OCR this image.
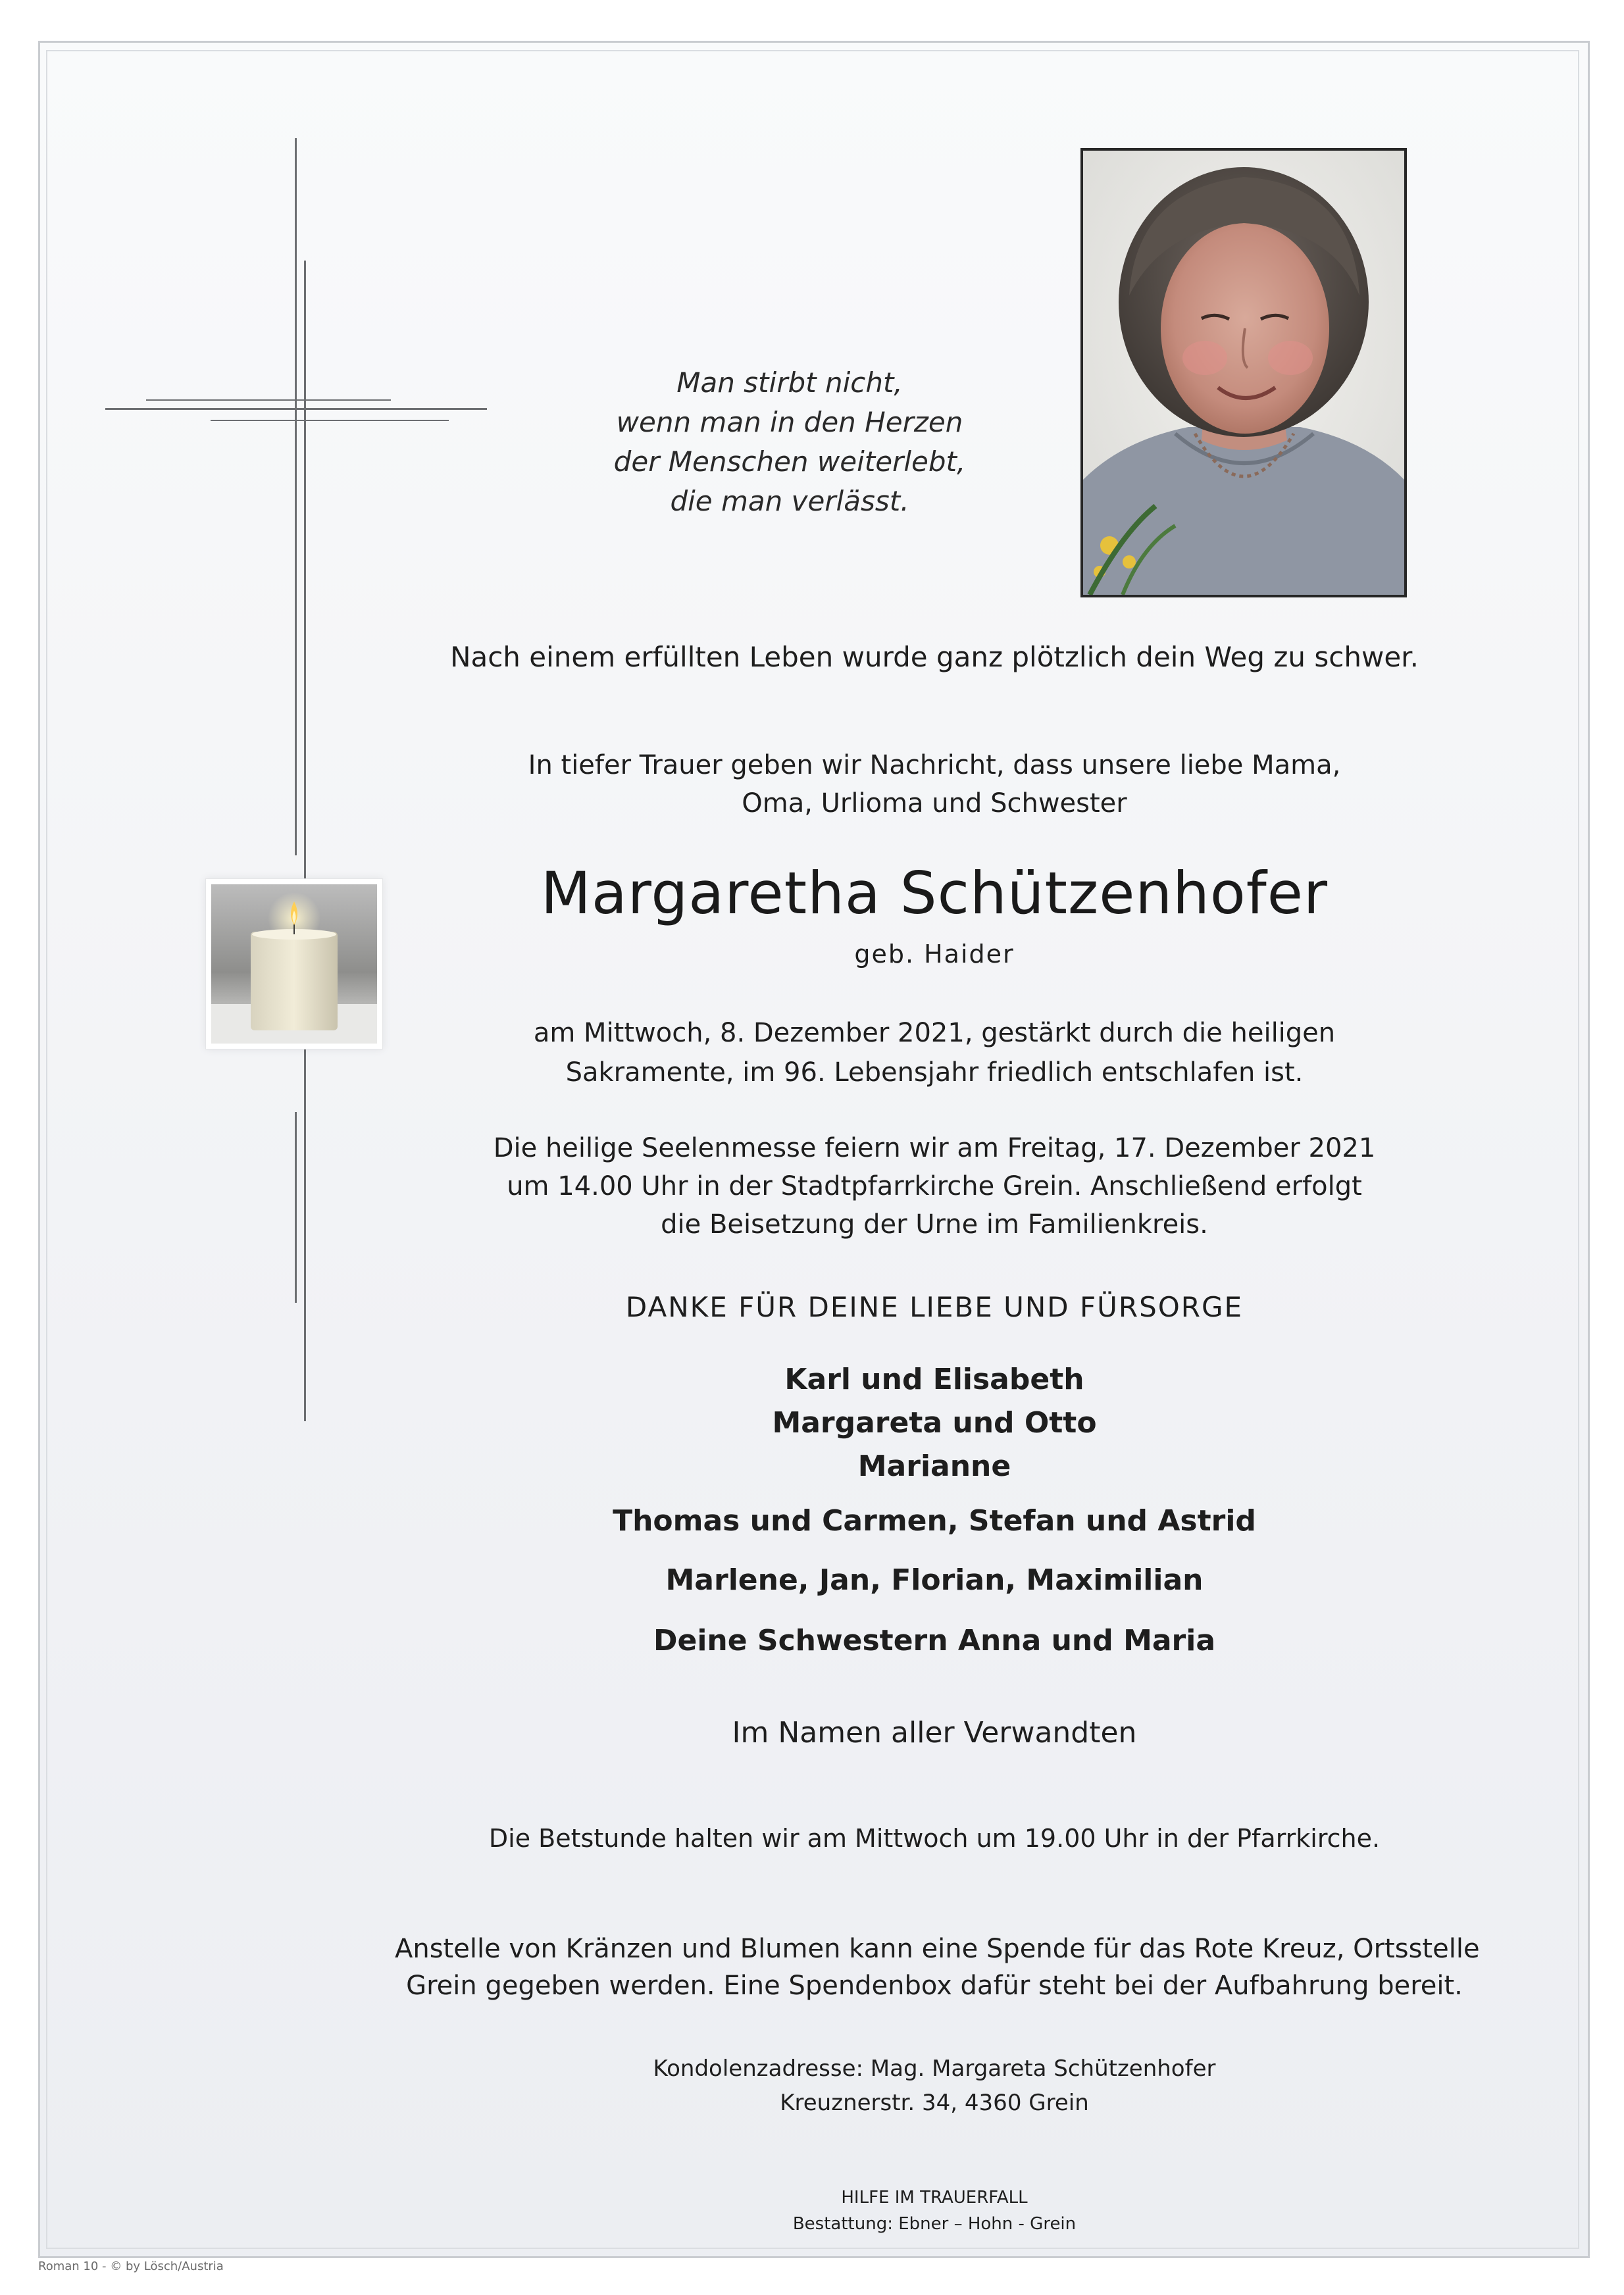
Man stirbt nicht,
wenn man in den Herzen
der Menschen weiterlebt,
die man verlässt.
Nach einem erfüllten Leben wurde ganz plötzlich dein Weg zu schwer.
In tiefer Trauer geben wir Nachricht, dass unsere liebe Mama,
Oma, Urlioma und Schwester
Margaretha Schützenhofer
geb. Haider
am Mittwoch, 8. Dezember 2021, gestärkt durch die heiligen
Sakramente, im 96. Lebensjahr friedlich entschlafen ist.
Die heilige Seelenmesse feiern wir am Freitag, 17. Dezember 2021
um 14.00 Uhr in der Stadtpfarrkirche Grein. Anschließend erfolgt
die Beisetzung der Urne im Familienkreis.
DANKE FÜR DEINE LIEBE UND FÜRSORGE
Karl und Elisabeth
Margareta und Otto
Marianne
Thomas und Carmen, Stefan und Astrid
Marlene, Jan, Florian, Maximilian
Deine Schwestern Anna und Maria
Im Namen aller Verwandten
Die Betstunde halten wir am Mittwoch um 19.00 Uhr in der Pfarrkirche.
Anstelle von Kränzen und Blumen kann eine Spende für das Rote Kreuz, Ortsstelle
Grein gegeben werden. Eine Spendenbox dafür steht bei der Aufbahrung bereit.
Kondolenzadresse: Mag. Margareta Schützenhofer
Kreuznerstr. 34, 4360 Grein
HILFE IM TRAUERFALL
Bestattung: Ebner – Hohn - Grein
Roman 10 - © by Lösch/Austria
